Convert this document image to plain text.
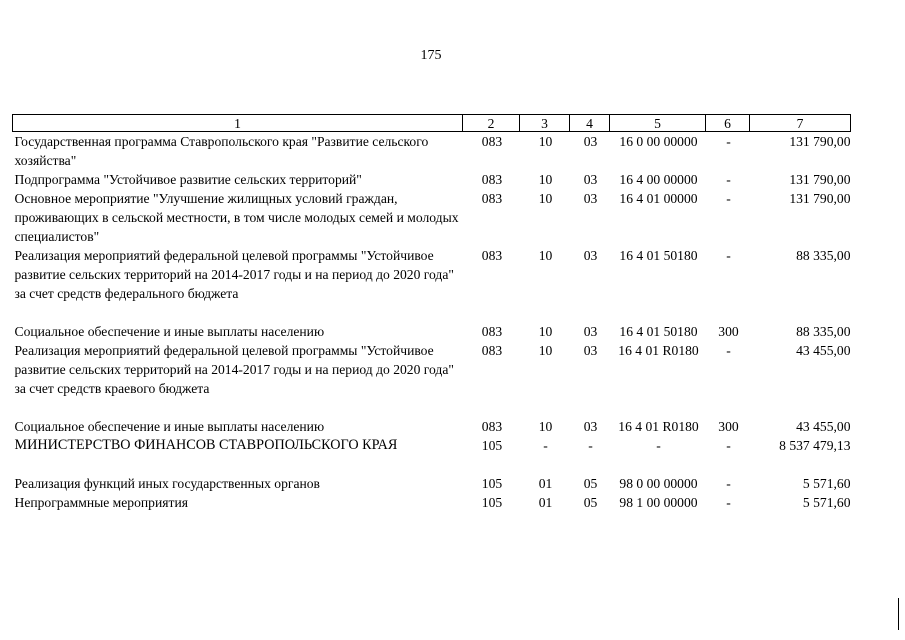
175
1	2	3	4	5	6	7
Государственная программа Ставропольского края "Развитие сельского хозяйства"	083	10	03	16 0 00 00000	-	131 790,00
Подпрограмма "Устойчивое развитие сельских территорий"	083	10	03	16 4 00 00000	-	131 790,00
Основное мероприятие "Улучшение жилищных условий граждан, проживающих в сельской местности, в том числе молодых семей и молодых специалистов"	083	10	03	16 4 01 00000	-	131 790,00
Реализация мероприятий федеральной целевой программы "Устойчивое развитие сельских территорий на 2014-2017 годы и на период до 2020 года" за счет средств федерального бюджета	083	10	03	16 4 01 50180	-	88 335,00
Социальное обеспечение и иные выплаты населению	083	10	03	16 4 01 50180	300	88 335,00
Реализация мероприятий федеральной целевой программы "Устойчивое развитие сельских территорий на 2014-2017 годы и на период до 2020 года" за счет средств краевого бюджета	083	10	03	16 4 01 R0180	-	43 455,00
Социальное обеспечение и иные выплаты населению	083	10	03	16 4 01 R0180	300	43 455,00
МИНИСТЕРСТВО ФИНАНСОВ СТАВРОПОЛЬСКОГО КРАЯ	105	-	-	-	-	8 537 479,13
Реализация функций иных государственных органов	105	01	05	98 0 00 00000	-	5 571,60
Непрограммные мероприятия	105	01	05	98 1 00 00000	-	5 571,60
